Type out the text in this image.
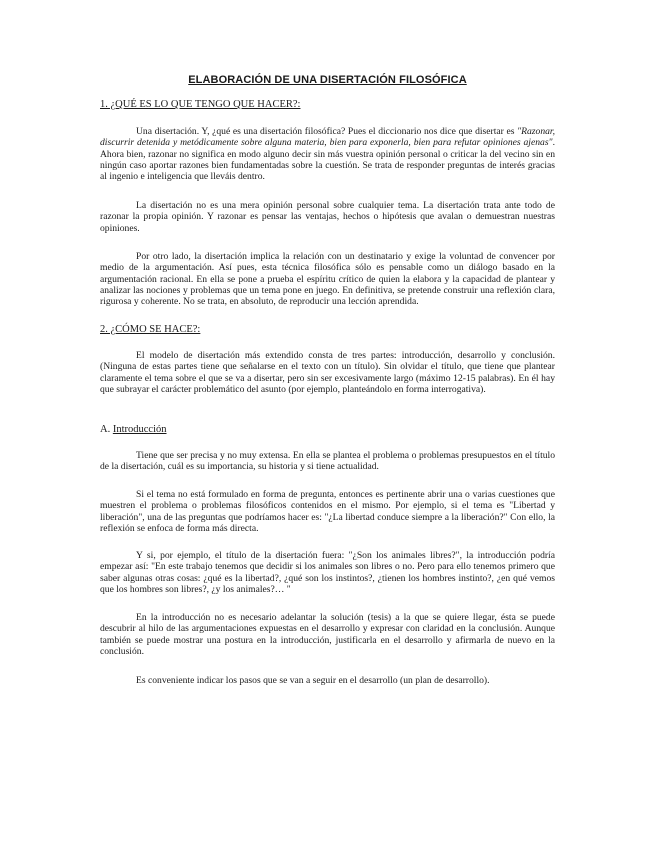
ELABORACIÓN DE UNA DISERTACIÓN FILOSÓFICA
1. ¿QUÉ ES LO QUE TENGO QUE HACER?:

Una disertación. Y, ¿qué es una disertación filosófica? Pues el diccionario nos dice que disertar es "Razonar, discurrir detenida y metódicamente sobre alguna materia, bien para exponerla, bien para refutar opiniones ajenas". Ahora bien, razonar no significa en modo alguno decir sin más vuestra opinión personal o criticar la del vecino sin en ningún caso aportar razones bien fundamentadas sobre la cuestión. Se trata de responder preguntas de interés gracias al ingenio e inteligencia que lleváis dentro.

La disertación no es una mera opinión personal sobre cualquier tema. La disertación trata ante todo de razonar la propia opinión. Y razonar es pensar las ventajas, hechos o hipótesis que avalan o demuestran nuestras opiniones.

Por otro lado, la disertación implica la relación con un destinatario y exige la voluntad de convencer por medio de la argumentación. Así pues, esta técnica filosófica sólo es pensable como un diálogo basado en la argumentación racional. En ella se pone a prueba el espíritu crítico de quien la elabora y la capacidad de plantear y analizar las nociones y problemas que un tema pone en juego. En definitiva, se pretende construir una reflexión clara, rigurosa y coherente. No se trata, en absoluto, de reproducir una lección aprendida.

2. ¿CÓMO SE HACE?:

El modelo de disertación más extendido consta de tres partes: introducción, desarrollo y conclusión. (Ninguna de estas partes tiene que señalarse en el texto con un título). Sin olvidar el título, que tiene que plantear claramente el tema sobre el que se va a disertar, pero sin ser excesivamente largo (máximo 12-15 palabras). En él hay que subrayar el carácter problemático del asunto (por ejemplo, planteándolo en forma interrogativa).

A. Introducción

Tiene que ser precisa y no muy extensa. En ella se plantea el problema o problemas presupuestos en el título de la disertación, cuál es su importancia, su historia y si tiene actualidad.

Si el tema no está formulado en forma de pregunta, entonces es pertinente abrir una o varias cuestiones que muestren el problema o problemas filosóficos contenidos en el mismo. Por ejemplo, si el tema es "Libertad y liberación", una de las preguntas que podríamos hacer es: "¿La libertad conduce siempre a la liberación?" Con ello, la reflexión se enfoca de forma más directa.

Y si, por ejemplo, el título de la disertación fuera: "¿Son los animales libres?", la introducción podría empezar así: "En este trabajo tenemos que decidir si los animales son libres o no. Pero para ello tenemos primero que saber algunas otras cosas: ¿qué es la libertad?, ¿qué son los instintos?, ¿tienen los hombres instinto?, ¿en qué vemos que los hombres son libres?, ¿y los animales?… "

En la introducción no es necesario adelantar la solución (tesis) a la que se quiere llegar, ésta se puede descubrir al hilo de las argumentaciones expuestas en el desarrollo y expresar con claridad en la conclusión. Aunque también se puede mostrar una postura en la introducción, justificarla en el desarrollo y afirmarla de nuevo en la conclusión.

Es conveniente indicar los pasos que se van a seguir en el desarrollo (un plan de desarrollo).
